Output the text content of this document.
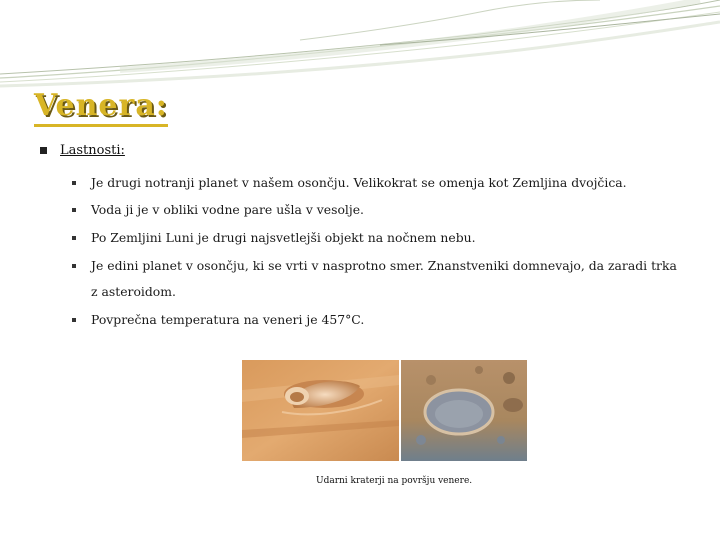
Venera:
Lastnosti:
Je drugi notranji planet v našem osončju. Velikokrat se omenja kot Zemljina dvojčica.
Voda ji je v obliki vodne pare ušla v vesolje.
Po Zemljini Luni je drugi najsvetlejši objekt na nočnem nebu.
Je edini planet v osončju, ki se vrti v nasprotno smer. Znanstveniki domnevajo, da zaradi trka z asteroidom.
Povprečna temperatura na veneri je 457°C.
Udarni kraterji na površju venere.
